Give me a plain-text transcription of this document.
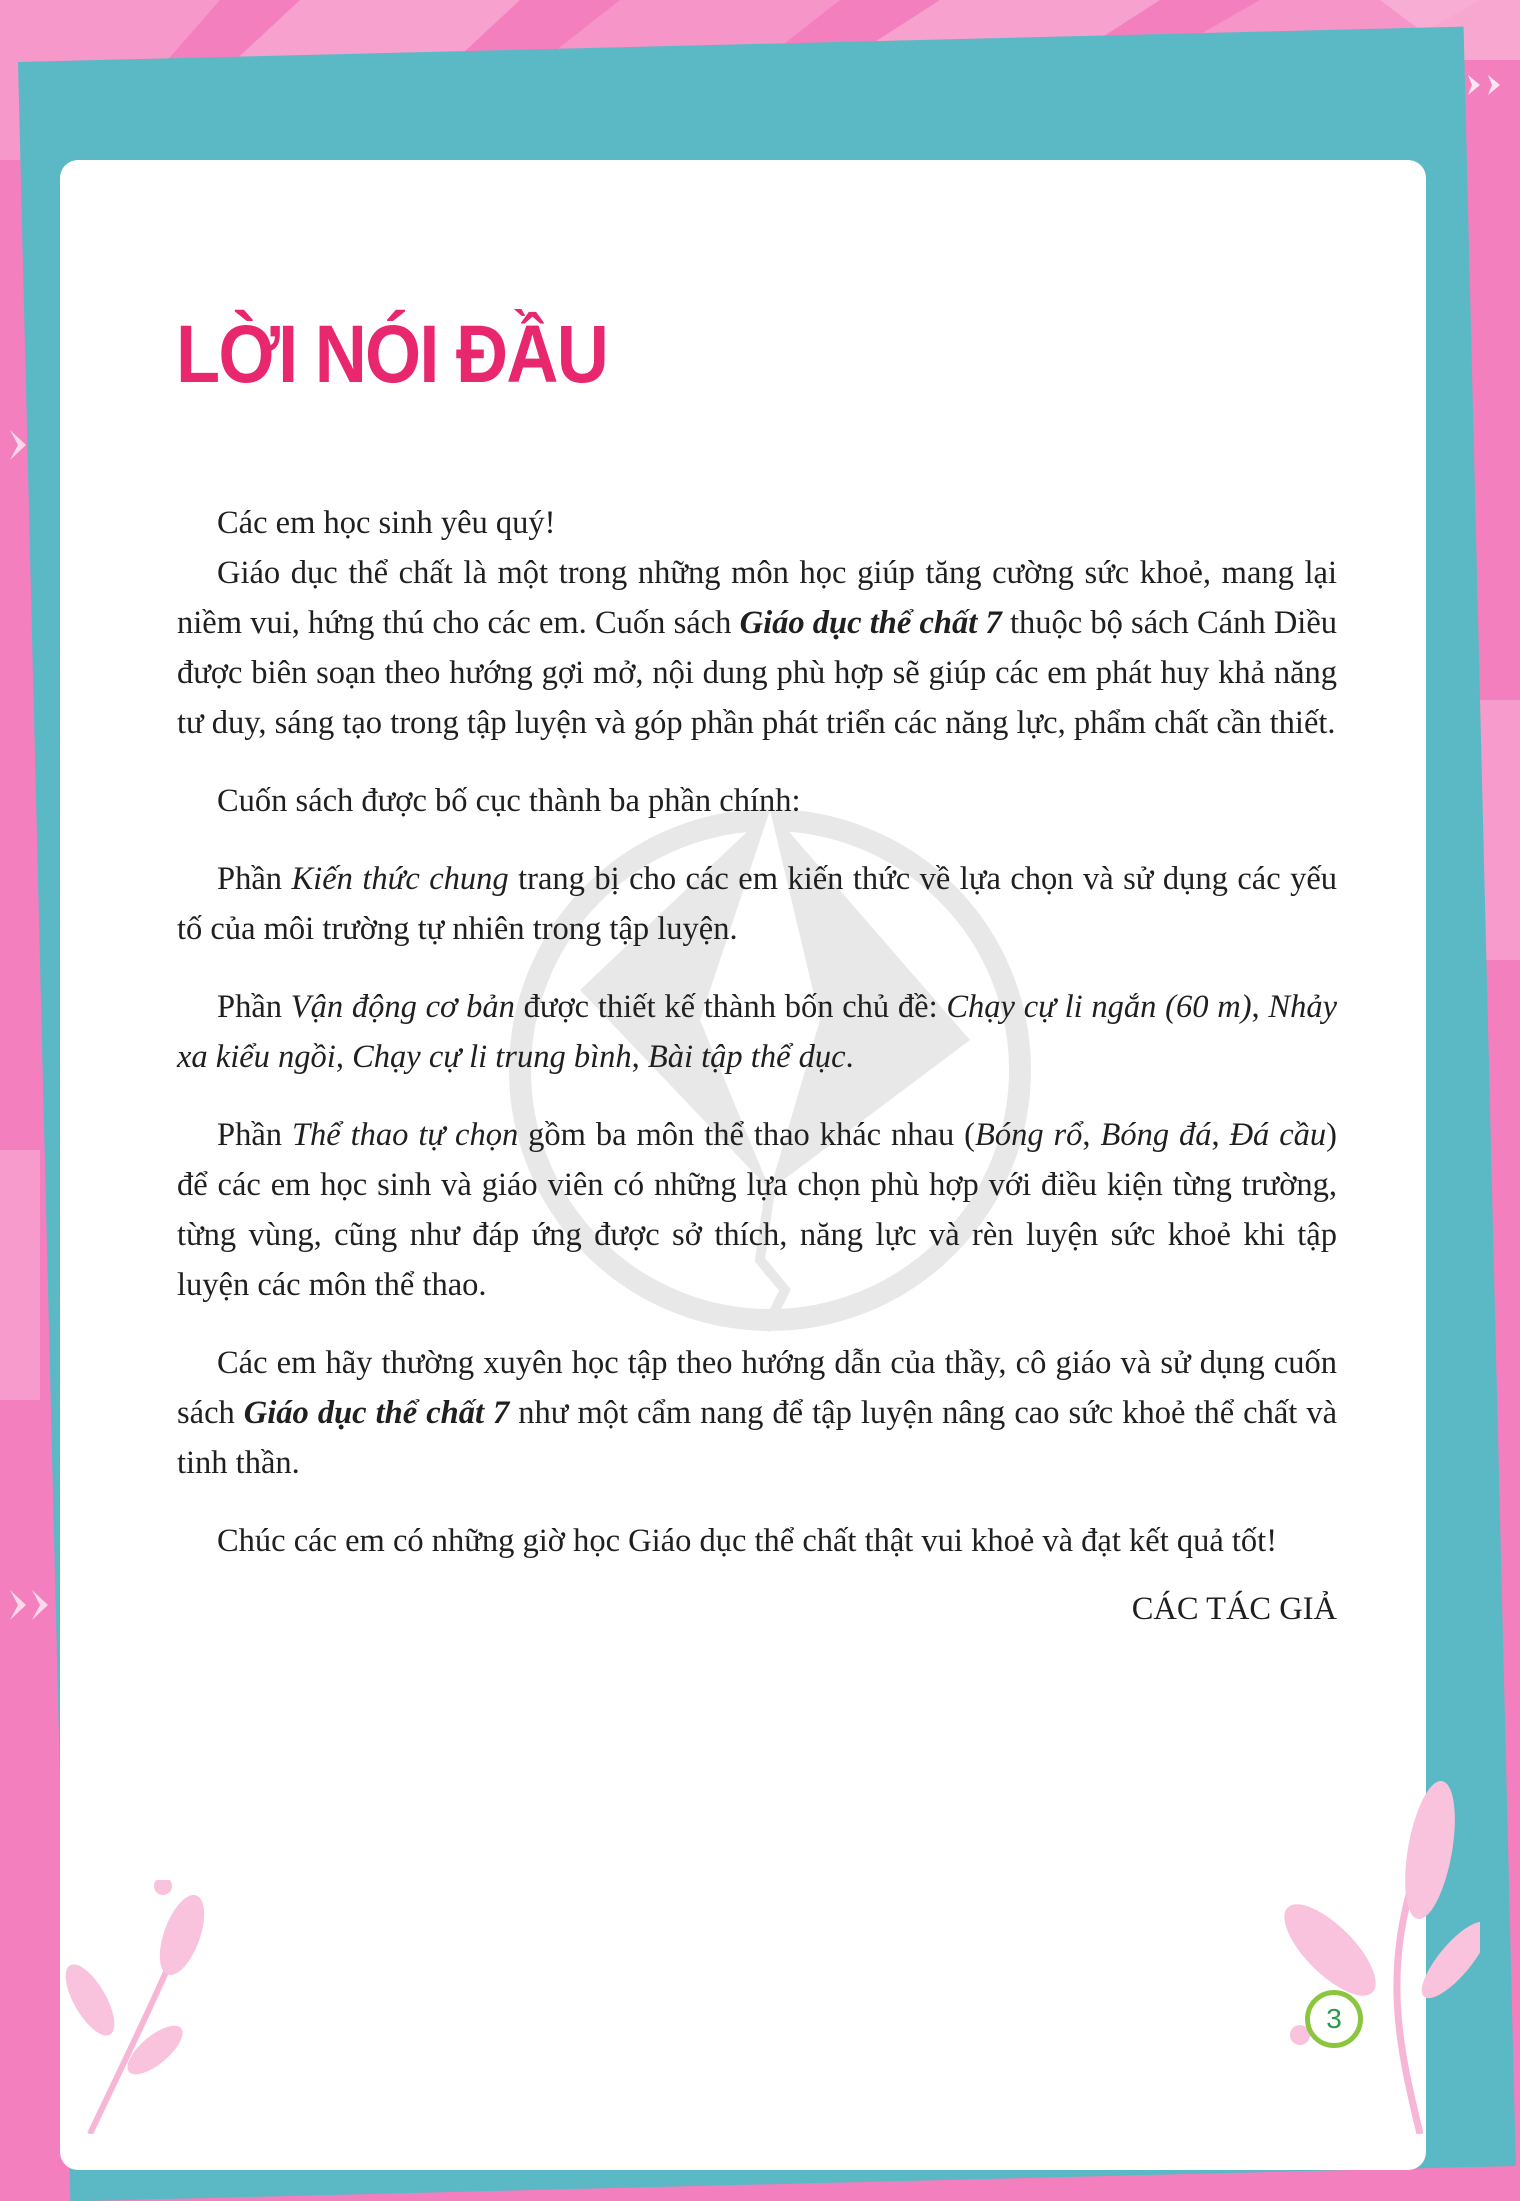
LỜI NÓI ĐẦU

Các em học sinh yêu quý!

Giáo dục thể chất là một trong những môn học giúp tăng cường sức khoẻ, mang lại niềm vui, hứng thú cho các em. Cuốn sách Giáo dục thể chất 7 thuộc bộ sách Cánh Diều được biên soạn theo hướng gợi mở, nội dung phù hợp sẽ giúp các em phát huy khả năng tư duy, sáng tạo trong tập luyện và góp phần phát triển các năng lực, phẩm chất cần thiết.

Cuốn sách được bố cục thành ba phần chính:

Phần Kiến thức chung trang bị cho các em kiến thức về lựa chọn và sử dụng các yếu tố của môi trường tự nhiên trong tập luyện.

Phần Vận động cơ bản được thiết kế thành bốn chủ đề: Chạy cự li ngắn (60 m), Nhảy xa kiểu ngồi, Chạy cự li trung bình, Bài tập thể dục.

Phần Thể thao tự chọn gồm ba môn thể thao khác nhau (Bóng rổ, Bóng đá, Đá cầu) để các em học sinh và giáo viên có những lựa chọn phù hợp với điều kiện từng trường, từng vùng, cũng như đáp ứng được sở thích, năng lực và rèn luyện sức khoẻ khi tập luyện các môn thể thao.

Các em hãy thường xuyên học tập theo hướng dẫn của thầy, cô giáo và sử dụng cuốn sách Giáo dục thể chất 7 như một cẩm nang để tập luyện nâng cao sức khoẻ thể chất và tinh thần.

Chúc các em có những giờ học Giáo dục thể chất thật vui khoẻ và đạt kết quả tốt!

CÁC TÁC GIẢ

3
